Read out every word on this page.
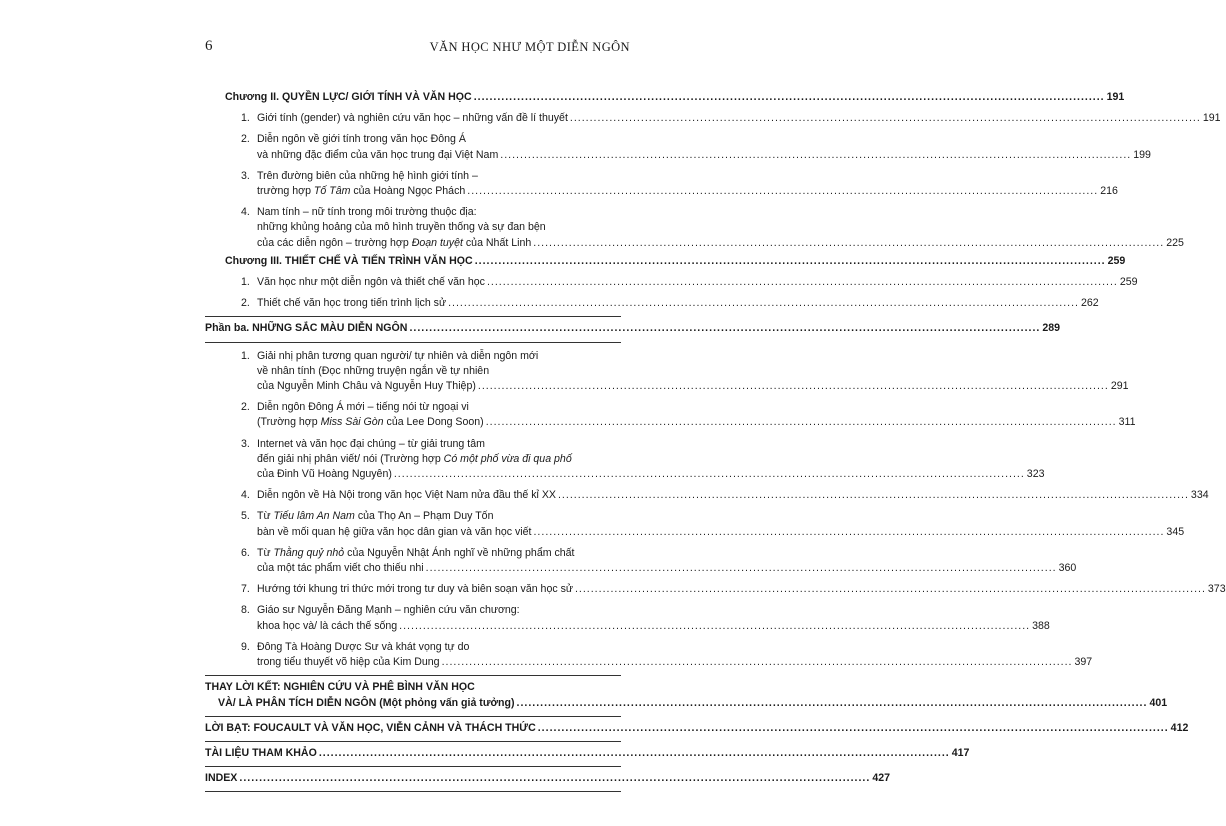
6	VĂN HỌC NHƯ MỘT DIỄN NGÔN
Chương II. QUYỀN LỰC/ GIỚI TÍNH VÀ VĂN HỌC .....	191
1. Giới tính (gender) và nghiên cứu văn học – những vấn đề lí thuyết .....	191
2. Diễn ngôn về giới tính trong văn học Đông Á
và những đặc điểm của văn học trung đại Việt Nam .....	199
3. Trên đường biên của những hệ hình giới tính –
trường hợp Tố Tâm của Hoàng Ngọc Phách .....	216
4. Nam tính – nữ tính trong môi trường thuộc địa:
những khủng hoảng của mô hình truyền thống và sự đan bện
của các diễn ngôn – trường hợp Đoạn tuyệt của Nhất Linh .....	225
Chương III. THIẾT CHẾ VÀ TIẾN TRÌNH VĂN HỌC .....	259
1. Văn học như một diễn ngôn và thiết chế văn học .....	259
2. Thiết chế văn học trong tiến trình lịch sử .....	262
Phần ba. NHỮNG SẮC MÀU DIỄN NGÔN .....	289
1. Giải nhị phân tương quan người/ tự nhiên và diễn ngôn mới
về nhân tính (Đọc những truyện ngắn về tự nhiên
của Nguyễn Minh Châu và Nguyễn Huy Thiệp) .....	291
2. Diễn ngôn Đông Á mới – tiếng nói từ ngoại vi
(Trường hợp Miss Sài Gòn của Lee Dong Soon) .....	311
3. Internet và văn học đại chúng – từ giải trung tâm
đến giải nhị phân viết/ nói (Trường hợp Có một phố vừa đi qua phố
của Đinh Vũ Hoàng Nguyên) .....	323
4. Diễn ngôn về Hà Nội trong văn học Việt Nam nửa đầu thế kỉ XX .....	334
5. Từ Tiếu lâm An Nam của Thọ An – Phạm Duy Tốn
bàn về mối quan hệ giữa văn học dân gian và văn học viết .....	345
6. Từ Thằng quỷ nhỏ của Nguyễn Nhật Ánh nghĩ về những phẩm chất
của một tác phẩm viết cho thiếu nhi .....	360
7. Hướng tới khung tri thức mới trong tư duy và biên soạn văn học sử .....	373
8. Giáo sư Nguyễn Đăng Mạnh – nghiên cứu văn chương:
khoa học và/ là cách thế sống .....	388
9. Đông Tà Hoàng Dược Sư và khát vọng tự do
trong tiểu thuyết võ hiệp của Kim Dung .....	397
THAY LỜI KẾT: NGHIÊN CỨU VÀ PHÊ BÌNH VĂN HỌC
VÀ/ LÀ PHÂN TÍCH DIỄN NGÔN (Một phỏng vấn giả tưởng) .....	401
LỜI BẠT: FOUCAULT VÀ VĂN HỌC, VIỄN CẢNH VÀ THÁCH THỨC .....	412
TÀI LIỆU THAM KHẢO .....	417
INDEX .....	427
